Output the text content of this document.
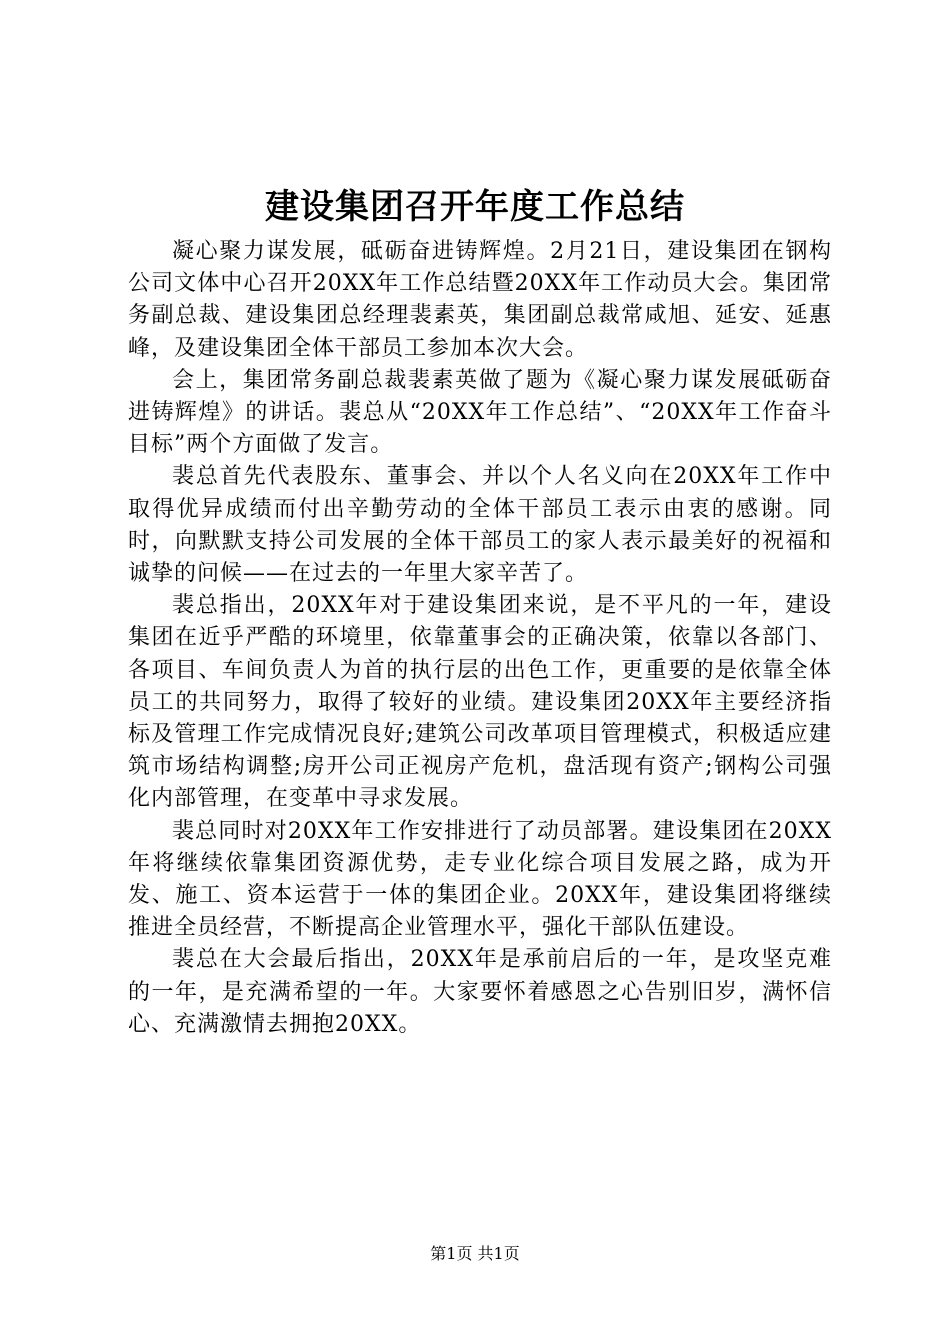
建设集团召开年度工作总结

凝心聚力谋发展，砥砺奋进铸辉煌。2月21日，建设集团在钢构公司文体中心召开20XX年工作总结暨20XX年工作动员大会。集团常务副总裁、建设集团总经理裴素英，集团副总裁常咸旭、延安、延惠峰，及建设集团全体干部员工参加本次大会。

会上，集团常务副总裁裴素英做了题为《凝心聚力谋发展砥砺奋进铸辉煌》的讲话。裴总从“20XX年工作总结”、“20XX年工作奋斗目标”两个方面做了发言。

裴总首先代表股东、董事会、并以个人名义向在20XX年工作中取得优异成绩而付出辛勤劳动的全体干部员工表示由衷的感谢。同时，向默默支持公司发展的全体干部员工的家人表示最美好的祝福和诚挚的问候——在过去的一年里大家辛苦了。

裴总指出，20XX年对于建设集团来说，是不平凡的一年，建设集团在近乎严酷的环境里，依靠董事会的正确决策，依靠以各部门、各项目、车间负责人为首的执行层的出色工作，更重要的是依靠全体员工的共同努力，取得了较好的业绩。建设集团20XX年主要经济指标及管理工作完成情况良好;建筑公司改革项目管理模式，积极适应建筑市场结构调整;房开公司正视房产危机，盘活现有资产;钢构公司强化内部管理，在变革中寻求发展。

裴总同时对20XX年工作安排进行了动员部署。建设集团在20XX年将继续依靠集团资源优势，走专业化综合项目发展之路，成为开发、施工、资本运营于一体的集团企业。20XX年，建设集团将继续推进全员经营，不断提高企业管理水平，强化干部队伍建设。

裴总在大会最后指出，20XX年是承前启后的一年，是攻坚克难的一年，是充满希望的一年。大家要怀着感恩之心告别旧岁，满怀信心、充满激情去拥抱20XX。

第1页 共1页
